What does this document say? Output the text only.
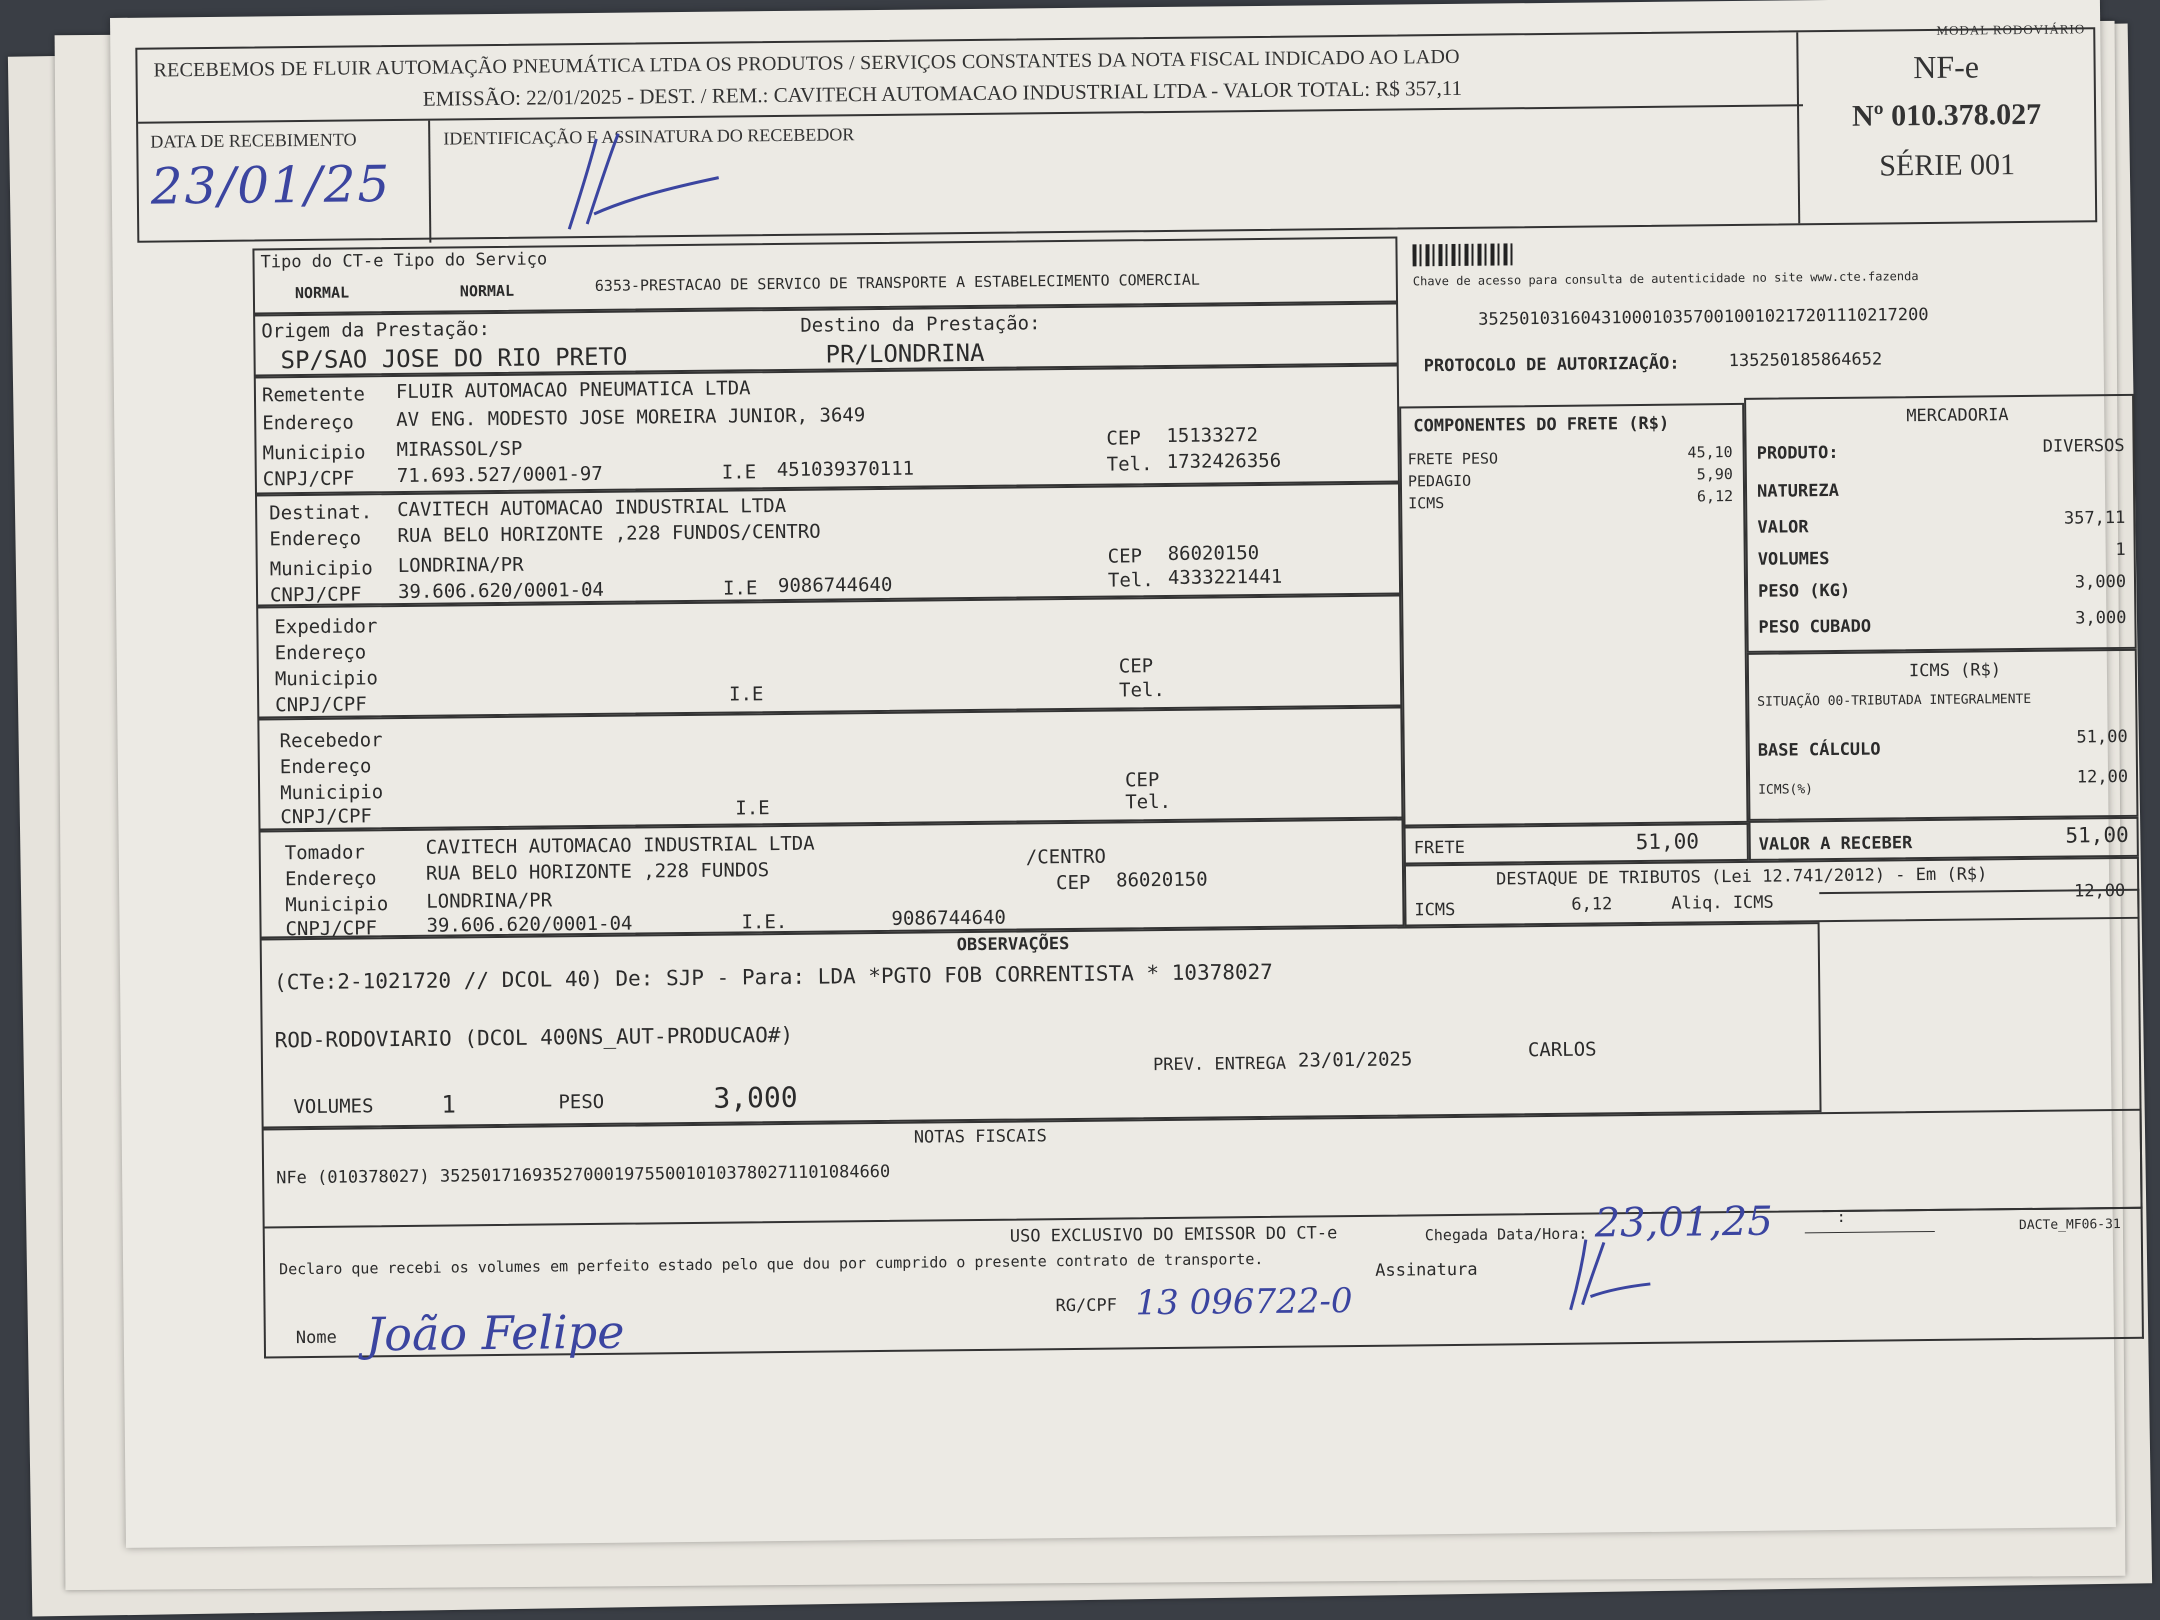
MODAL RODOVIÁRIO
RECEBEMOS DE FLUIR AUTOMAÇÃO PNEUMÁTICA LTDA OS PRODUTOS / SERVIÇOS CONSTANTES DA NOTA FISCAL INDICADO AO LADO
EMISSÃO: 22/01/2025 - DEST. / REM.: CAVITECH AUTOMACAO INDUSTRIAL LTDA - VALOR TOTAL: R$ 357,11
DATA DE RECEBIMENTO
23/01/25
IDENTIFICAÇÃO E ASSINATURA DO RECEBEDOR
NF-e
Nº 010.378.027
SÉRIE 001
Tipo do CT-e Tipo do Serviço
NORMAL	NORMAL	6353-PRESTACAO DE SERVICO DE TRANSPORTE A ESTABELECIMENTO COMERCIAL	Chave de acesso para consulta de autenticidade no site www.cte.fazenda
35250103160431000103570010010217201110217200
PROTOCOLO DE AUTORIZAÇÃO:	135250185864652
Origem da Prestação:
SP/SAO JOSE DO RIO PRETO
Destino da Prestação:
PR/LONDRINA
Remetente FLUIR AUTOMACAO PNEUMATICA LTDA
Endereço AV ENG. MODESTO JOSE MOREIRA JUNIOR, 3649
Municipio MIRASSOL/SP	CEP 15133272
CNPJ/CPF 71.693.527/0001-97	I.E 451039370111	Tel. 1732426356
Destinat. CAVITECH AUTOMACAO INDUSTRIAL LTDA
Endereço RUA BELO HORIZONTE ,228 FUNDOS/CENTRO
Municipio LONDRINA/PR	CEP 86020150
CNPJ/CPF 39.606.620/0001-04	I.E 9086744640	Tel. 4333221441
Expedidor
Endereço
Municipio
CNPJ/CPF	I.E
CEP
Tel.
Recebedor
Endereço
Municipio
CNPJ/CPF	I.E
CEP
Tel.
Tomador	CAVITECH AUTOMACAO INDUSTRIAL LTDA
Endereço	RUA BELO HORIZONTE ,228 FUNDOS
/CENTRO
Municipio LONDRINA/PR
CEP 86020150
CNPJ/CPF	39.606.620/0001-04	I.E.	9086744640
COMPONENTES DO FRETE (R$)
FRETE PESO	45,10
PEDAGIO	5,90
ICMS	6,12
FRETE	51,00
MERCADORIA
PRODUTO:	DIVERSOS
NATUREZA
VALOR	357,11
VOLUMES	1
PESO (KG)	3,000
PESO CUBADO	3,000
ICMS (R$)
SITUAÇÃO 00-TRIBUTADA INTEGRALMENTE
BASE CÁLCULO
51,00
ICMS(%)
12,00
VALOR A RECEBER	51,00
DESTAQUE DE TRIBUTOS (Lei 12.741/2012) - Em (R$)
ICMS	6,12	Aliq. ICMS
12,00
OBSERVAÇÕES
(CTe:2-1021720 // DCOL 40) De: SJP - Para: LDA *PGTO FOB CORRENTISTA * 10378027
ROD-RODOVIARIO (DCOL 400NS_AUT-PRODUCAO#)
PREV. ENTREGA 23/01/2025	CARLOS
VOLUMES	1	PESO	3,000
NOTAS FISCAIS
NFe (010378027) 35250171693527000197550010103780271101084660
USO EXCLUSIVO DO EMISSOR DO CT-e
Declaro que recebi os volumes em perfeito estado pelo que dou por cumprido o presente contrato de transporte.
Chegada Data/Hora: 23,01,25	:
Assinatura
RG/CPF 13 096722-0
Nome João Felipe
DACTe_MF06-31
